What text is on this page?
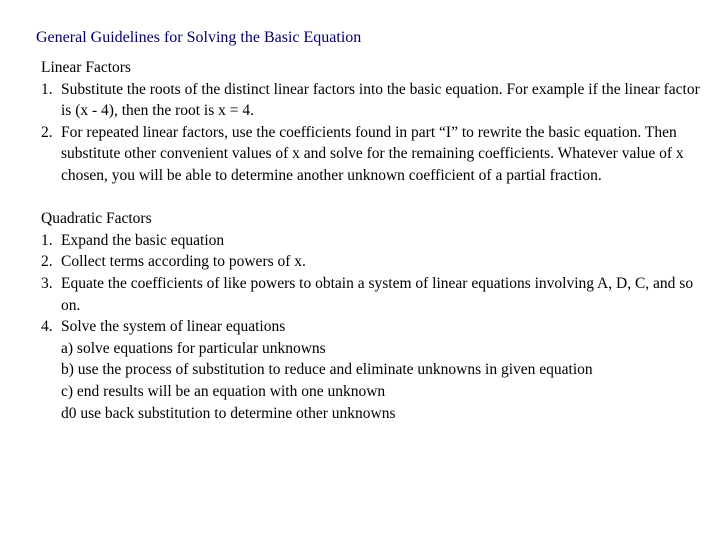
General Guidelines for Solving the Basic Equation
Linear Factors
1. Substitute the roots of the distinct linear factors into the basic equation. For example if the linear factor is (x - 4), then the root is x = 4.
2. For repeated linear factors, use the coefficients found in part “I” to rewrite the basic equation. Then substitute other convenient values of x and solve for the remaining coefficients. Whatever value of x chosen, you will be able to determine another unknown coefficient of a partial fraction.
Quadratic Factors
1. Expand the basic equation
2. Collect terms according to powers of x.
3. Equate the coefficients of like powers to obtain a system of linear equations involving A, D, C, and so on.
4. Solve the system of linear equations
a) solve equations for particular unknowns
b) use the process of substitution to reduce and eliminate unknowns in given equation
c) end results will be an equation with one unknown
d0 use back substitution to determine other unknowns
